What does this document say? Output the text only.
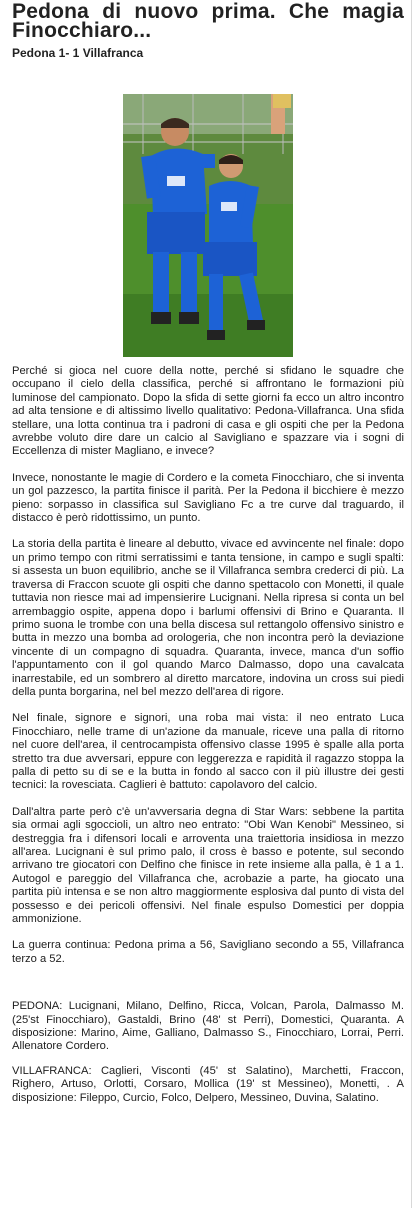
Pedona di nuovo prima. Che magia Finocchiaro...
Pedona 1- 1 Villafranca

Perché si gioca nel cuore della notte, perché si sfidano le squadre che occupano il cielo della classifica, perché si affrontano le formazioni più luminose del campionato. Dopo la sfida di sette giorni fa ecco un altro incontro ad alta tensione e di altissimo livello qualitativo: Pedona-Villafranca. Una sfida stellare, una lotta continua tra i padroni di casa e gli ospiti che per la Pedona avrebbe voluto dire dare un calcio al Savigliano e spazzare via i sogni di Eccellenza di mister Magliano, e invece?

Invece, nonostante le magie di Cordero e la cometa Finocchiaro, che si inventa un gol pazzesco, la partita finisce il parità. Per la Pedona il bicchiere è mezzo pieno: sorpasso in classifica sul Savigliano Fc a tre curve dal traguardo, il distacco è però ridottissimo, un punto.

La storia della partita è lineare al debutto, vivace ed avvincente nel finale: dopo un primo tempo con ritmi serratissimi e tanta tensione, in campo e sugli spalti: si assesta un buon equilibrio, anche se il Villafranca sembra crederci di più. La traversa di Fraccon scuote gli ospiti che danno spettacolo con Monetti, il quale tuttavia non riesce mai ad impensierire Lucignani. Nella ripresa si conta un bel arrembaggio ospite, appena dopo i barlumi offensivi di Brino e Quaranta. Il primo suona le trombe con una bella discesa sul rettangolo offensivo sinistro e butta in mezzo una bomba ad orologeria, che non incontra però la deviazione vincente di un compagno di squadra. Quaranta, invece, manca d'un soffio l'appuntamento con il gol quando Marco Dalmasso, dopo una cavalcata inarrestabile, ed un sombrero al diretto marcatore, indovina un cross sui piedi della punta borgarina, nel bel mezzo dell'area di rigore.

Nel finale, signore e signori, una roba mai vista: il neo entrato Luca Finocchiaro, nelle trame di un'azione da manuale, riceve una palla di ritorno nel cuore dell'area, il centrocampista offensivo classe 1995 è spalle alla porta stretto tra due avversari, eppure con leggerezza e rapidità il ragazzo stoppa la palla di petto su di se e la butta in fondo al sacco con il più illustre dei gesti tecnici: la rovesciata. Caglieri è battuto: capolavoro del calcio.

Dall'altra parte però c'è un'avversaria degna di Star Wars: sebbene la partita sia ormai agli sgoccioli, un altro neo entrato: "Obi Wan Kenobi" Messineo, si destreggia fra i difensori locali e arroventa una traiettoria insidiosa in mezzo all'area. Lucignani è sul primo palo, il cross è basso e potente, sul secondo arrivano tre giocatori con Delfino che finisce in rete insieme alla palla, è 1 a 1. Autogol e pareggio del Villafranca che, acrobazie a parte, ha giocato una partita più intensa e se non altro maggiormente esplosiva dal punto di vista del possesso e dei pericoli offensivi. Nel finale espulso Domestici per doppia ammonizione.

La guerra continua: Pedona prima a 56, Savigliano secondo a 55, Villafranca terzo a 52.

PEDONA: Lucignani, Milano, Delfino, Ricca, Volcan, Parola, Dalmasso M. (25'st Finocchiaro), Gastaldi, Brino (48' st Perri), Domestici, Quaranta. A disposizione: Marino, Aime, Galliano, Dalmasso S., Finocchiaro, Lorrai, Perri. Allenatore Cordero.

VILLAFRANCA: Caglieri, Visconti (45' st Salatino), Marchetti, Fraccon, Righero, Artuso, Orlotti, Corsaro, Mollica (19' st Messineo), Monetti, . A disposizione: Fileppo, Curcio, Folco, Delpero, Messineo, Duvina, Salatino.
